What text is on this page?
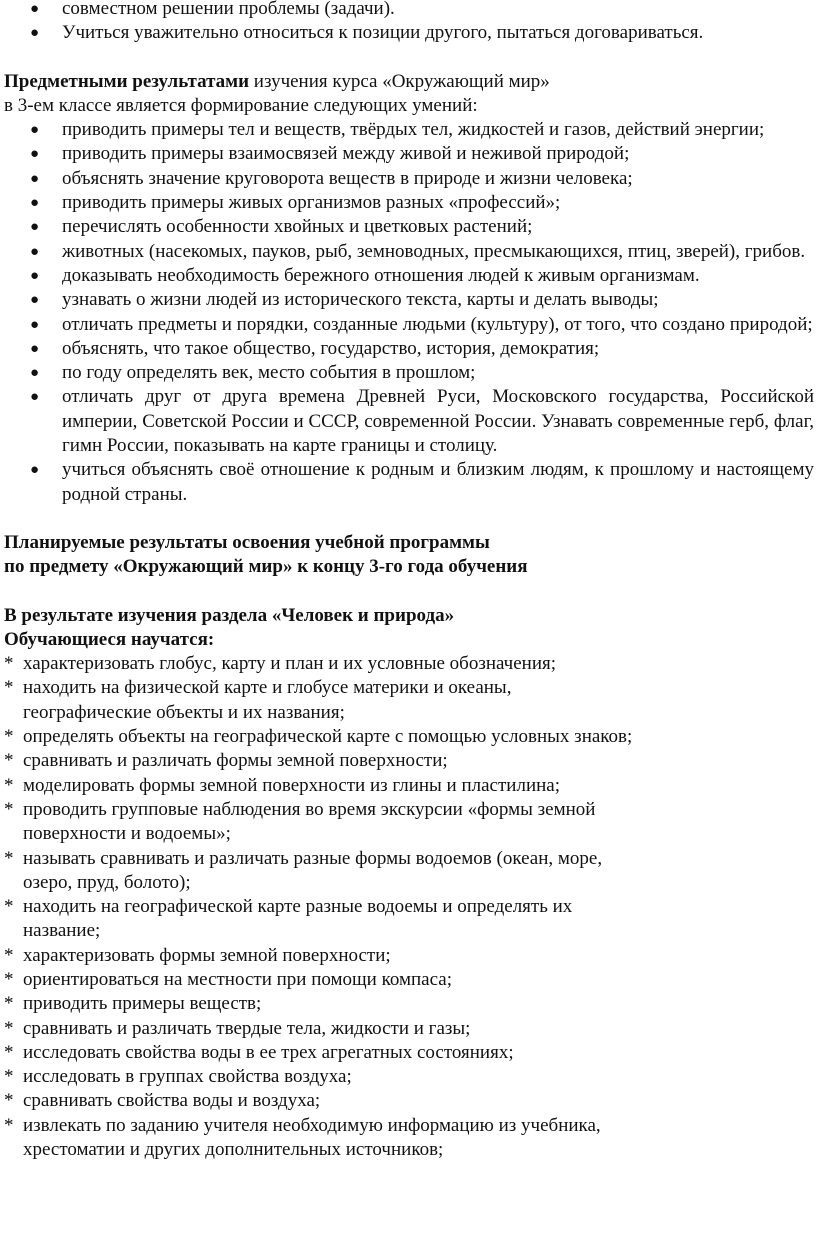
● совместном решении проблемы (задачи).
● Учиться уважительно относиться к позиции другого, пытаться договариваться.

Предметными результатами изучения курса «Окружающий мир»

в 3-ем классе является формирование следующих умений:

● приводить примеры тел и веществ, твёрдых тел, жидкостей и газов, действий энергии;
● приводить примеры взаимосвязей между живой и неживой природой;
● объяснять значение круговорота веществ в природе и жизни человека;
● приводить примеры живых организмов разных «профессий»;
● перечислять особенности хвойных и цветковых растений;
● животных (насекомых, пауков, рыб, земноводных, пресмыкающихся, птиц, зверей), грибов.
● доказывать необходимость бережного отношения людей к живым организмам.
● узнавать о жизни людей из исторического текста, карты и делать выводы;
● отличать предметы и порядки, созданные людьми (культуру), от того, что создано природой;
● объяснять, что такое общество, государство, история, демократия;
● по году определять век, место события в прошлом;
● отличать друг от друга времена Древней Руси, Московского государства, Российской империи, Советской России и СССР, современной России. Узнавать современные герб, флаг, гимн России, показывать на карте границы и столицу.
● учиться объяснять своё отношение к родным и близким людям, к прошлому и настоящему родной страны.

Планируемые результаты освоения учебной программы

по предмету «Окружающий мир» к концу 3-го года обучения

В результате изучения раздела «Человек и природа»

Обучающиеся научатся:

* характеризовать глобус, карту и план и их условные обозначения;
* находить на физической карте и глобусе материки и океаны,
географические объекты и их названия;
* определять объекты на географической карте с помощью условных знаков;
* сравнивать и различать формы земной поверхности;
* моделировать формы земной поверхности из глины и пластилина;
* проводить групповые наблюдения во время экскурсии «формы земной
поверхности и водоемы»;
* называть сравнивать и различать разные формы водоемов (океан, море,
озеро, пруд, болото);
* находить на географической карте разные водоемы и определять их
название;
* характеризовать формы земной поверхности;
* ориентироваться на местности при помощи компаса;
* приводить примеры веществ;
* сравнивать и различать твердые тела, жидкости и газы;
* исследовать свойства воды в ее трех агрегатных состояниях;
* исследовать в группах свойства воздуха;
* сравнивать свойства воды и воздуха;
* извлекать по заданию учителя необходимую информацию из учебника,
хрестоматии и других дополнительных источников;
